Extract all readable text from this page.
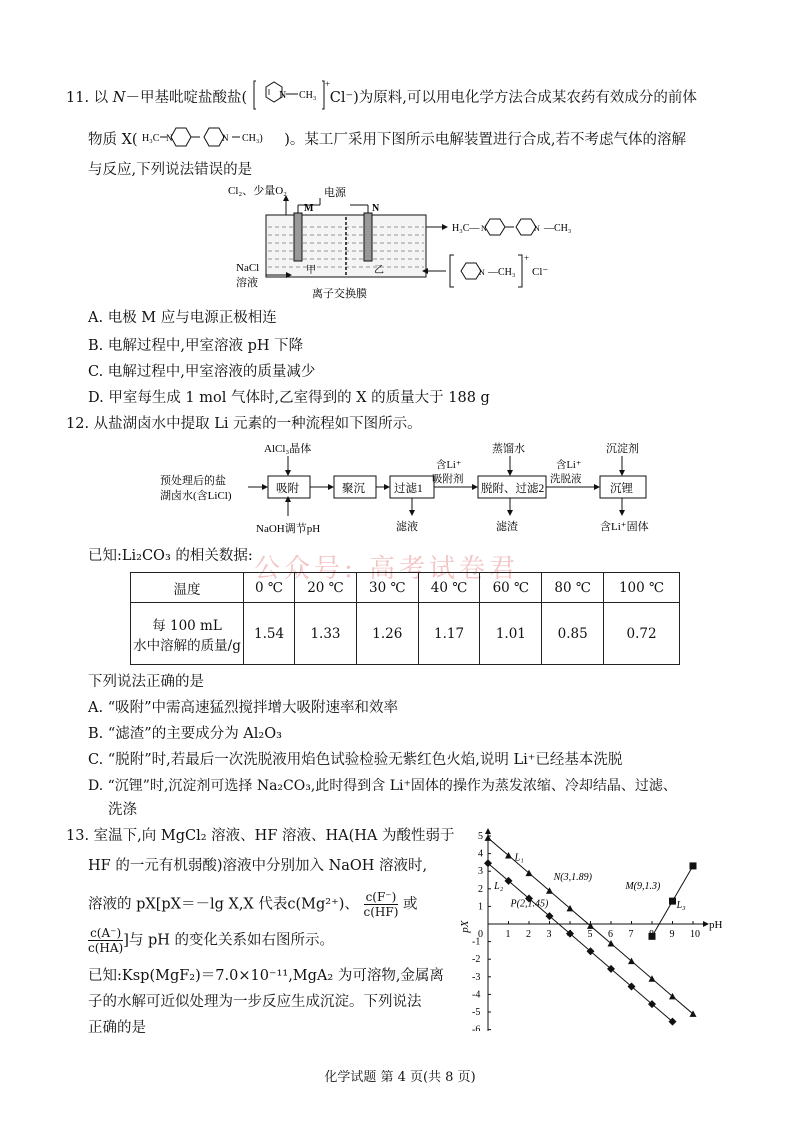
11. 以 N－甲基吡啶盐酸盐(	N CH₃
+
Cl⁻)为原料,可以用电化学方法合成某农药有效成分的前体
物质 X( H₃C N	N CH₃) )。某工厂采用下图所示电解装置进行合成,若不考虑气体的溶解
与反应,下列说法错误的是
Cl₂、少量O₂	电源
M	N
甲	乙
NaCl
溶液
离子交换膜
H₃C— N	N —CH₃
N —CH₃
+
Cl⁻
A. 电极 M 应与电源正极相连
B. 电解过程中,甲室溶液 pH 下降
C. 电解过程中,甲室溶液的质量减少
D. 甲室每生成 1 mol 气体时,乙室得到的 X 的质量大于 188 g
12. 从盐湖卤水中提取 Li 元素的一种流程如下图所示。
预处理后的盐
湖卤水(含LiCl)
AlCl₃晶体
吸附
NaOH调节pH
聚沉	过滤1
滤液
含Li⁺
吸附剂
蒸馏水
脱附、过滤2
滤渣
含Li⁺
洗脱液
沉淀剂
沉锂
含Li⁺固体
已知:Li₂CO₃ 的相关数据: 公众号: 高考试卷君
温度	0 ℃	20 ℃	30 ℃	40 ℃	60 ℃	80 ℃	100 ℃

每 100 mL
水中溶解的质量/g	1.54	1.33	1.26	1.17	1.01	0.85	0.72
下列说法正确的是
A. “吸附”中需高速猛烈搅拌增大吸附速率和效率
B. “滤渣”的主要成分为 Al₂O₃
C. “脱附”时,若最后一次洗脱液用焰色试验检验无紫红色火焰,说明 Li⁺已经基本洗脱
D. “沉锂”时,沉淀剂可选择 Na₂CO₃,此时得到含 Li⁺固体的操作为蒸发浓缩、冷却结晶、过滤、
洗涤
13. 室温下,向 MgCl₂ 溶液、HF 溶液、HA(HA 为酸性弱于
HF 的一元有机弱酸)溶液中分别加入 NaOH 溶液时,
溶液的 pX[pX＝－lg X,X 代表c(Mg²⁺)、 $\frac{c(F^-)}{c(HF)}$ 或
$\frac{c(A^-)}{c(HA)}$ ]与 pH 的变化关系如右图所示。
已知:Ksp(MgF₂)＝7.0×10⁻¹¹,MgA₂ 为可溶物,金属离
子的水解可近似处理为一步反应生成沉淀。下列说法
正确的是
1 2 3	5 6 7	9 10
0
5
4
3
2
1
-1
-2
-3
-4
-5
-6
pH
pX
L₁
L₂
L₃
N(3,1.89)
P(2,1.45)
M(9,1.3)
化学试题 第 4 页(共 8 页)
